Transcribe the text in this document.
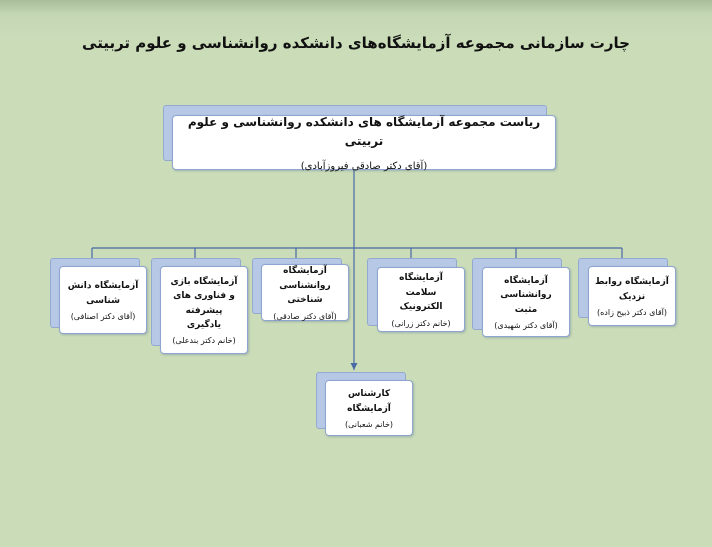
چارت سازمانی مجموعه آزمایشگاه‌های دانشکده روانشناسی و علوم تربیتی
ریاست مجموعه آزمایشگاه های دانشکده روانشناسی و علوم تربیتی
(آقای دکتر صادقی فیروزآبادی)
آزمایشگاه روابط نزدیک
(آقای دکتر ذبیح زاده)
آزمایشگاه روانشناسی مثبت
(آقای دکتر شهیدی)
آزمایشگاه سلامت الکترونیک
(خانم دکتر زرانی)
آزمایشگاه روانشناسی شناختی
(آقای دکتر صادقی)
آزمایشگاه بازی و فناوری های پیشرفته یادگیری
(خانم دکتر بندعلی)
آزمایشگاه دانش شناسی
(آقای دکتر اصنافی)
کارشناس آزمایشگاه
(خانم شعبانی)
